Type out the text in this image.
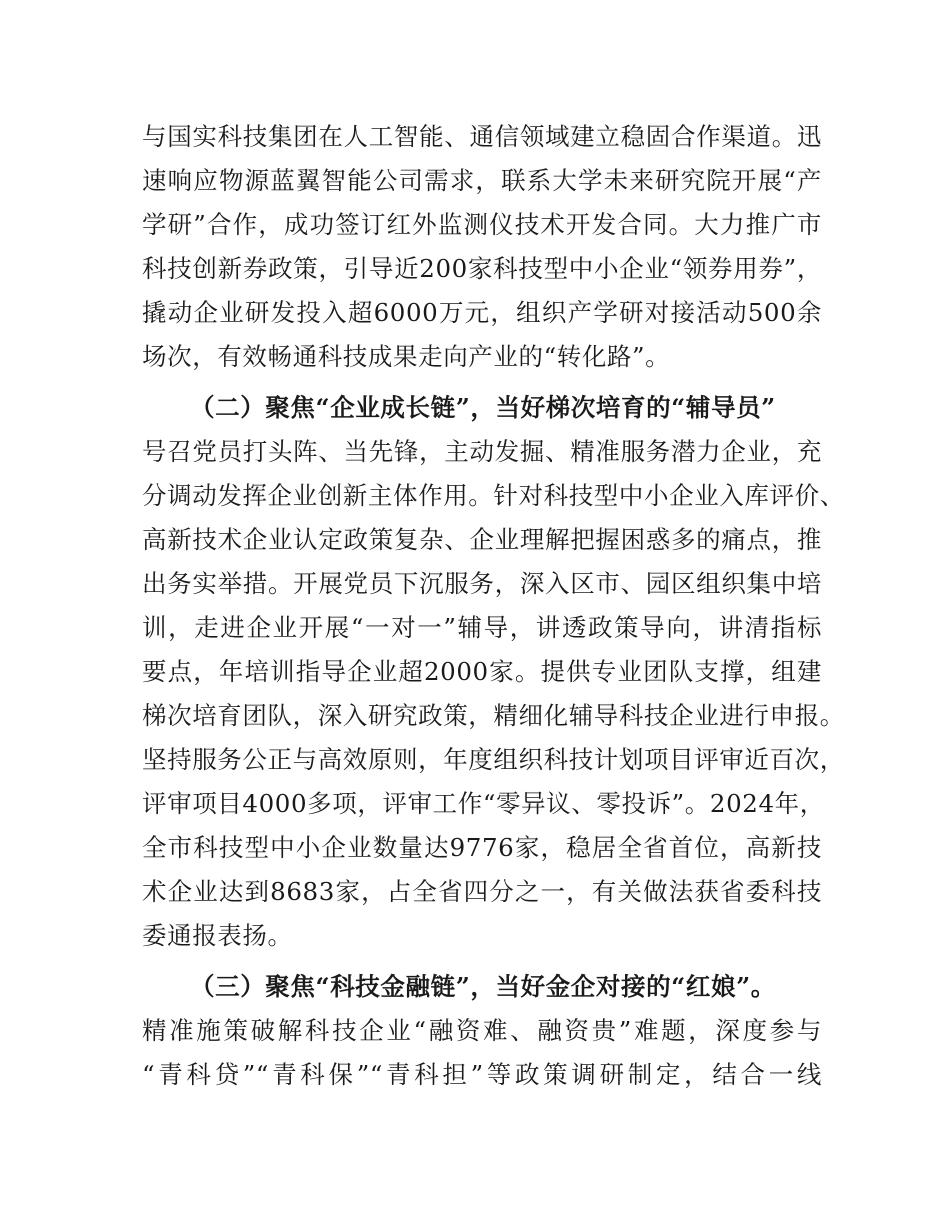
与国实科技集团在人工智能、通信领域建立稳固合作渠道。迅
速响应物源蓝翼智能公司需求，联系大学未来研究院开展“产
学研”合作，成功签订红外监测仪技术开发合同。大力推广市
科技创新券政策，引导近200家科技型中小企业“领券用券”，
撬动企业研发投入超6000万元，组织产学研对接活动500余
场次，有效畅通科技成果走向产业的“转化路”。
（二）聚焦“企业成长链”，当好梯次培育的“辅导员”
号召党员打头阵、当先锋，主动发掘、精准服务潜力企业，充
分调动发挥企业创新主体作用。针对科技型中小企业入库评价、
高新技术企业认定政策复杂、企业理解把握困惑多的痛点，推
出务实举措。开展党员下沉服务，深入区市、园区组织集中培
训，走进企业开展“一对一”辅导，讲透政策导向，讲清指标
要点，年培训指导企业超2000家。提供专业团队支撑，组建
梯次培育团队，深入研究政策，精细化辅导科技企业进行申报。
坚持服务公正与高效原则，年度组织科技计划项目评审近百次，
评审项目4000多项，评审工作“零异议、零投诉”。2024年，
全市科技型中小企业数量达9776家，稳居全省首位，高新技
术企业达到8683家，占全省四分之一，有关做法获省委科技
委通报表扬。
（三）聚焦“科技金融链”，当好金企对接的“红娘”。
精准施策破解科技企业“融资难、融资贵”难题，深度参与
“青科贷”“青科保”“青科担”等政策调研制定，结合一线
